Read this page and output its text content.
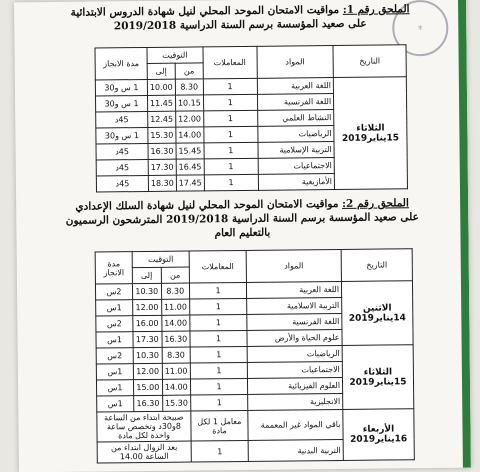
⚜
الملحق رقم 1: مواقيت الامتحان الموحد المحلي لنيل شهادة الدروس الابتدائية
على صعيد المؤسسة برسم السنة الدراسية 2019/2018
التاريخ	المواد	المعاملات	التوقيت		مدة الانجاز
			من	إلى	
الثلاثاء 15يناير2019	اللغة العربية	1	8.30	10.00	1 س و30
	اللغة الفرنسية	1	10.15	11.45	1 س و30
	النشاط العلمي	1	12.00	12.45	45د
	الرياضيات	1	14.00	15.30	1 س و30
	التربية الإسلامية	1	15.45	16.30	45د
	الاجتماعيات	1	16.45	17.30	45د
	الأمازيغية	1	17.45	18.30	45د
الملحق رقم 2: مواقيت الامتحان الموحد المحلي لنيل شهادة السلك الإعدادي
على صعيد المؤسسة برسم السنة الدراسية 2019/2018 المترشحون الرسميون
بالتعليم العام
التاريخ	المواد	المعاملات	التوقيت		مدة الانجاز
			من	إلى	
الاثنين 14يناير2019	اللغة العربية	1	8.30	10.30	2س
	التربية الاسلامية	1	11.00	12.00	1س
	اللغة الفرنسية	1	14.00	16.00	2س
	علوم الحياة والأرض	1	16.30	17.30	1س
الثلاثاء 15يناير2019	الرياضيات	1	8.30	10.30	2س
	الاجتماعيات	1	11.00	12.00	1س
	العلوم الفيزيائية	1	14.00	15.00	1س
	الانجليزية	1	15.30	16.30	1س
الأربعاء 16يناير2019	باقي المواد غير المعممة	معامل 1 لكل مادة	صبيحة ابتداء من الساعة 8و30د وتخصص ساعة واحدة لكل مادة		
	التربية البدنية	1	بعد الزوال ابتداء من الساعة 14.00		
